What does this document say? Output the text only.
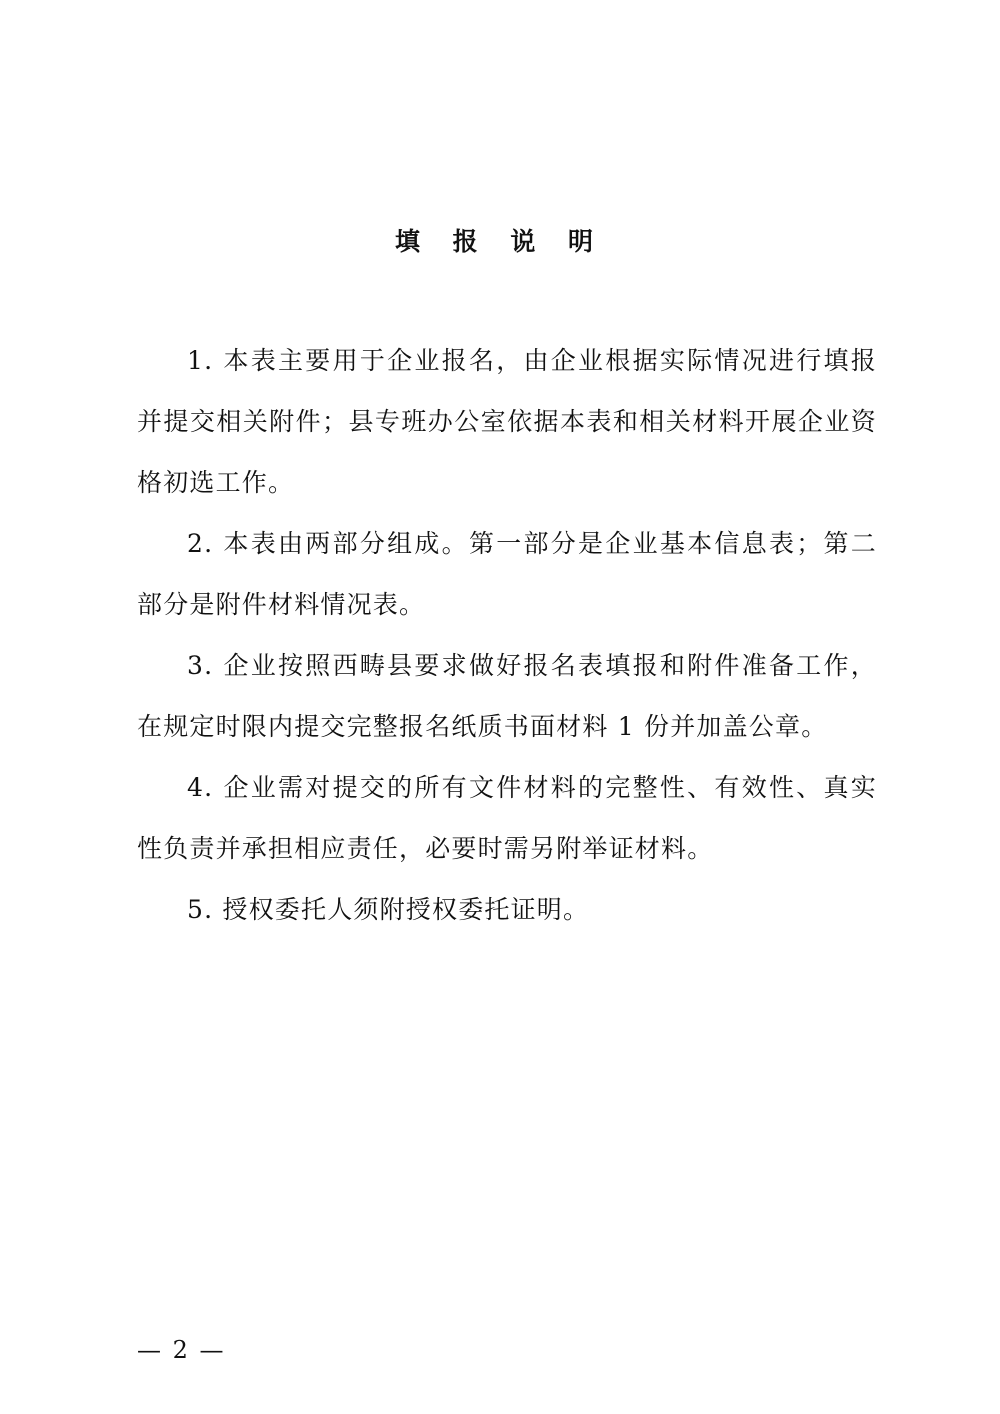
填 报 说 明

1. 本表主要用于企业报名，由企业根据实际情况进行填报并提交相关附件；县专班办公室依据本表和相关材料开展企业资格初选工作。

2. 本表由两部分组成。第一部分是企业基本信息表；第二部分是附件材料情况表。

3. 企业按照西畴县要求做好报名表填报和附件准备工作，在规定时限内提交完整报名纸质书面材料 1 份并加盖公章。

4. 企业需对提交的所有文件材料的完整性、有效性、真实性负责并承担相应责任，必要时需另附举证材料。

5. 授权委托人须附授权委托证明。

— 2 —
